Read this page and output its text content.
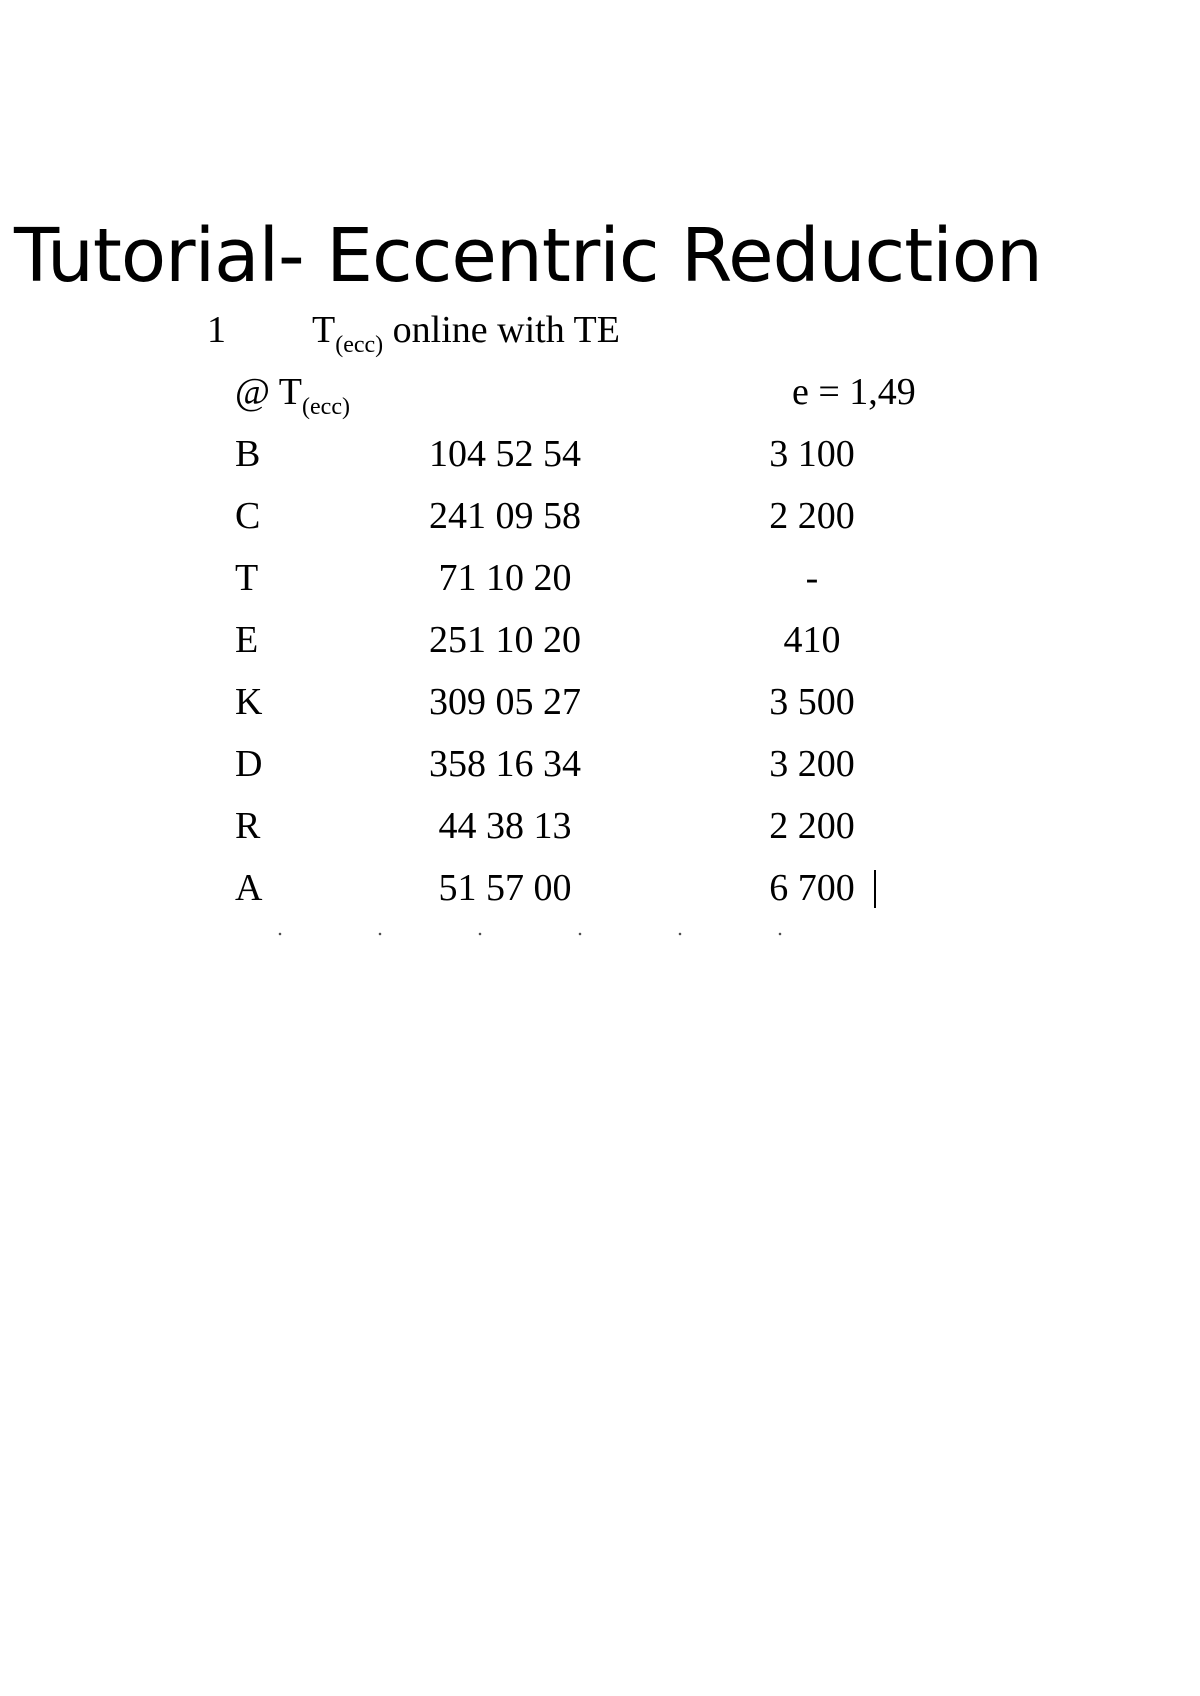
Tutorial- Eccentric Reduction
1 $T_{(ecc)}$ online with TE
@ $T_{(ecc)}$	e = 1,49
B	104 52 54	3 100
C	241 09 58	2 200
T	71 10 20	-
E	251 10 20	410
K	309 05 27	3 500
D	358 16 34	3 200
R	44 38 13	2 200
A	51 57 00	6 700
